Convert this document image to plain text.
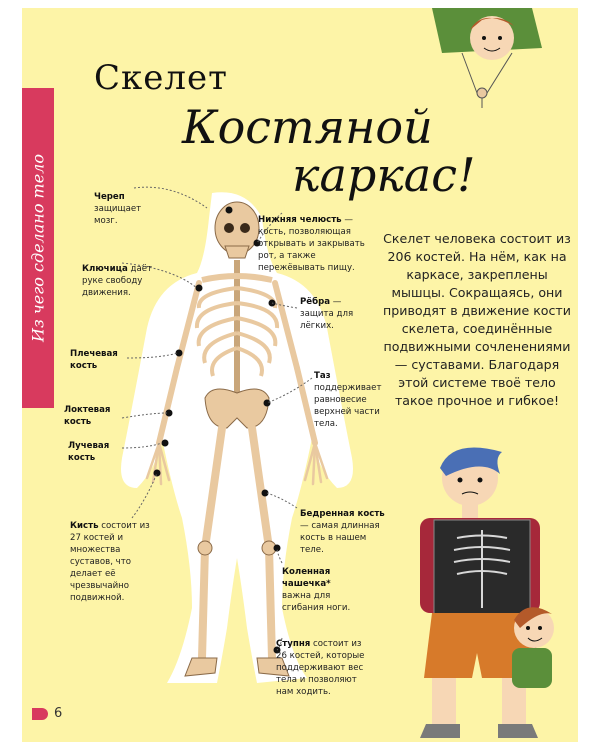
Из чего сделано тело
Скелет
Костяной
каркас!
Череп
защищает мозг.	Нижняя челюсть — кость, позволяющая открывать и закрывать рот, а также пережёвывать пищу.
Ключица даёт руке свободу движения.
Рёбра — защита для лёгких.
Плечевая кость
Таз
поддерживает равновесие верхней части тела.
Локтевая кость
Лучевая кость
Кисть состоит из 27 костей и множества суставов, что делает её чрезвычайно подвижной.
Бедренная кость — самая длинная кость в нашем теле.
Коленная чашечка*
важна для сгибания ноги.
Ступня состоит из 26 костей, которые поддерживают вес тела и позволяют нам ходить.
Скелет человека состоит из 206 костей. На нём, как на каркасе, закреплены мышцы. Сокращаясь, они приводят в движение кости скелета, соединённые подвижными сочленениями — суставами. Благодаря этой системе твоё тело такое прочное и гибкое!
6
